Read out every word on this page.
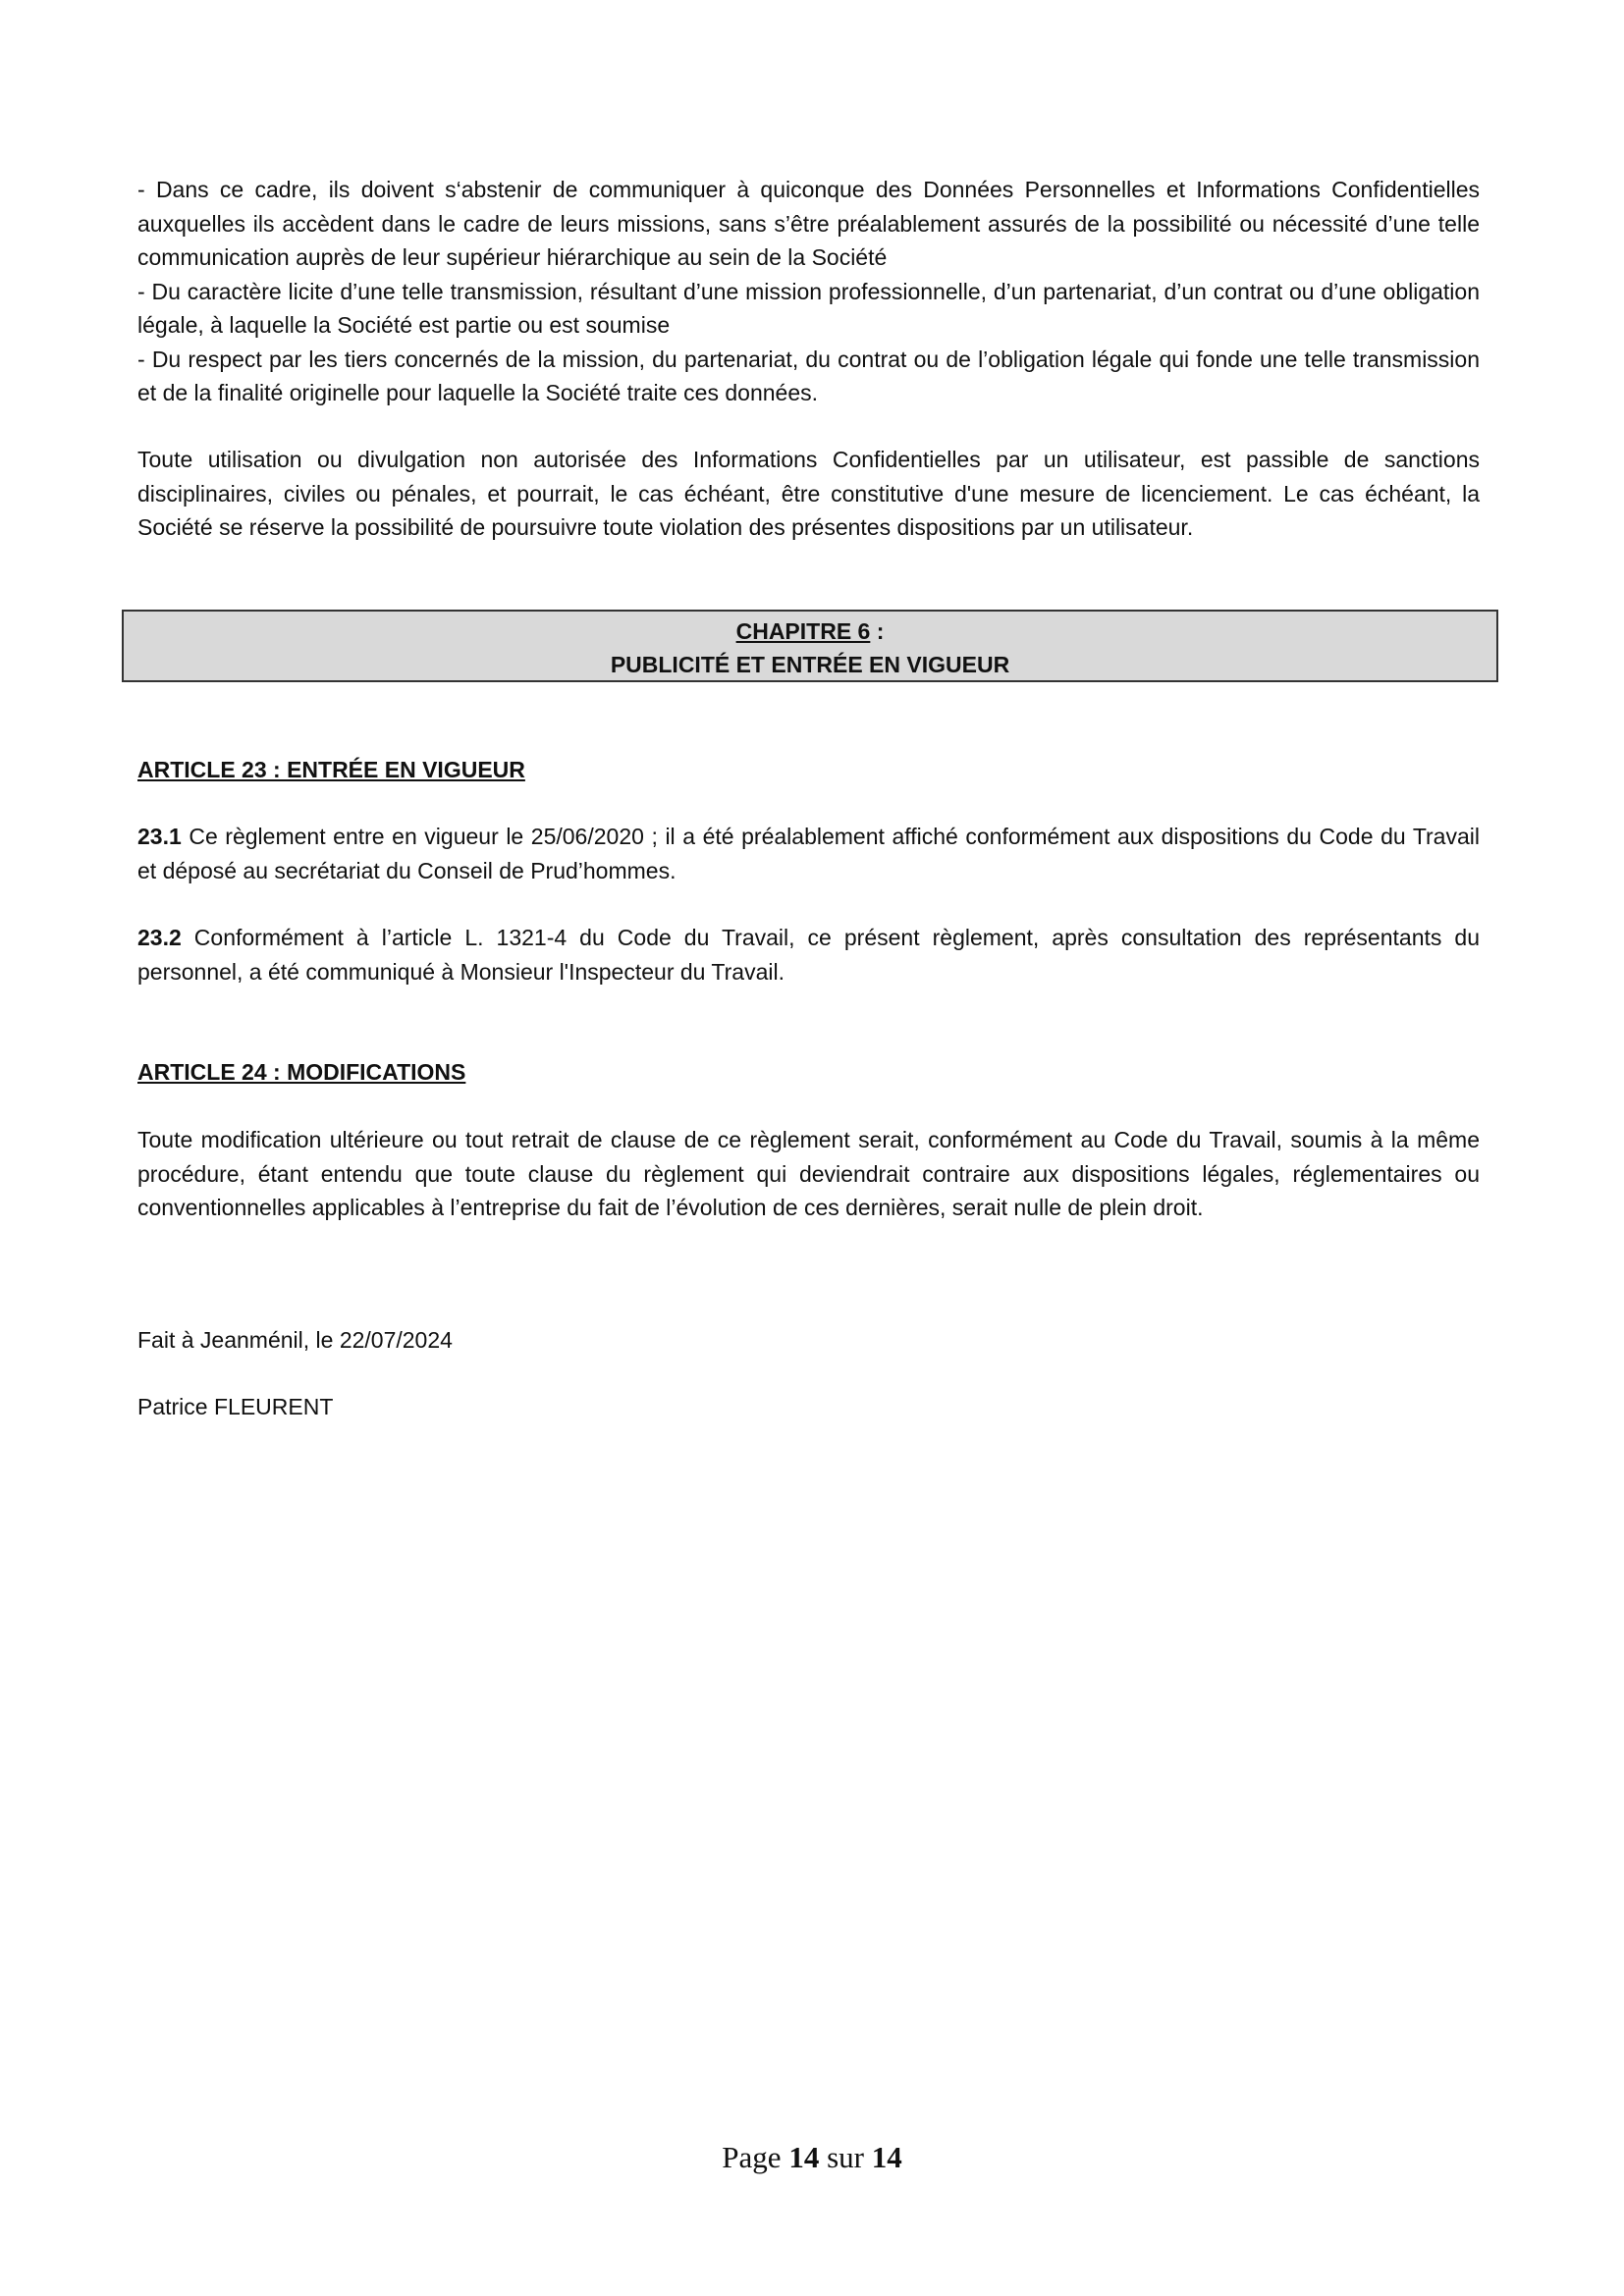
- Dans ce cadre, ils doivent s‘abstenir de communiquer à quiconque des Données Personnelles et Informations Confidentielles auxquelles ils accèdent dans le cadre de leurs missions, sans s’être préalablement assurés de la possibilité ou nécessité d’une telle communication auprès de leur supérieur hiérarchique au sein de la Société
- Du caractère licite d’une telle transmission, résultant d’une mission professionnelle, d’un partenariat, d’un contrat ou d’une obligation légale, à laquelle la Société est partie ou est soumise
- Du respect par les tiers concernés de la mission, du partenariat, du contrat ou de l’obligation légale qui fonde une telle transmission et de la finalité originelle pour laquelle la Société traite ces données.
Toute utilisation ou divulgation non autorisée des Informations Confidentielles par un utilisateur, est passible de sanctions disciplinaires, civiles ou pénales, et pourrait, le cas échéant, être constitutive d'une mesure de licenciement. Le cas échéant, la Société se réserve la possibilité de poursuivre toute violation des présentes dispositions par un utilisateur.
CHAPITRE 6 :
PUBLICITÉ ET ENTRÉE EN VIGUEUR
ARTICLE 23 : ENTRÉE EN VIGUEUR
23.1 Ce règlement entre en vigueur le 25/06/2020 ; il a été préalablement affiché conformément aux dispositions du Code du Travail et déposé au secrétariat du Conseil de Prud’hommes.
23.2 Conformément à l’article L. 1321-4 du Code du Travail, ce présent règlement, après consultation des représentants du personnel, a été communiqué à Monsieur l'Inspecteur du Travail.
ARTICLE 24 : MODIFICATIONS
Toute modification ultérieure ou tout retrait de clause de ce règlement serait, conformément au Code du Travail, soumis à la même procédure, étant entendu que toute clause du règlement qui deviendrait contraire aux dispositions légales, réglementaires ou conventionnelles applicables à l’entreprise du fait de l’évolution de ces dernières, serait nulle de plein droit.
Fait à Jeanménil, le 22/07/2024
Patrice FLEURENT
Page 14 sur 14
